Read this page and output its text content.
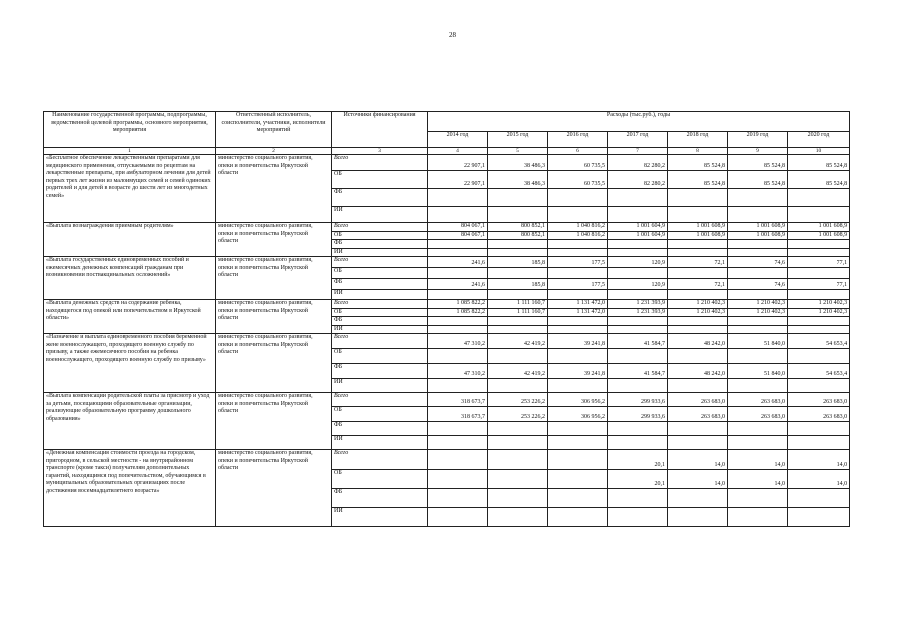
28
Наименование государственной программы, подпрограммы, ведомственной целевой программы, основного мероприятия, мероприятия	Ответственный исполнитель, соисполнители, участники, исполнители мероприятий	Источники финансирования	Расходы (тыс.руб.), годы						
			2014 год	2015 год	2016 год	2017 год	2018 год	2019 год	2020 год
1	2	3	4	5	6	7	8	9	10
«Бесплатное обеспечение лекарственными препаратами для медицинского применения, отпускаемыми по рецептам на лекарственные препараты, при амбулаторном лечении для детей первых трех лет жизни из малоимущих семей и семей одиноких родителей и для детей в возрасте до шести лет из многодетных семей»	министерство социального развития, опеки и попечительства Иркутской области	Всего	22 907,1	38 486,3	60 735,5	82 280,2	85 524,8	85 524,8	85 524,8
		ОБ	22 907,1	38 486,3	60 735,5	82 280,2	85 524,8	85 524,8	85 524,8
		ФБ							
		ИИ							
«Выплата вознаграждения приемным родителям»	министерство социального развития, опеки и попечительства Иркутской области	Всего	804 067,1	800 852,1	1 040 816,2	1 001 604,9	1 001 608,9	1 001 608,9	1 001 608,9
		ОБ	804 067,1	800 852,1	1 040 816,2	1 001 604,9	1 001 608,9	1 001 608,9	1 001 608,9
		ФБ							
		ИИ							
«Выплата государственных единовременных пособий и ежемесячных денежных компенсаций гражданам при возникновении поствакцинальных осложнений»	министерство социального развития, опеки и попечительства Иркутской области	Всего	241,6	185,8	177,5	120,9	72,1	74,6	77,1
		ОБ							
		ФБ	241,6	185,8	177,5	120,9	72,1	74,6	77,1
		ИИ							
«Выплата денежных средств на содержание ребенка, находящегося под опекой или попечительством в Иркутской области»	министерство социального развития, опеки и попечительства Иркутской области	Всего	1 085 822,2	1 111 160,7	1 131 472,0	1 231 393,9	1 210 402,3	1 210 402,3	1 210 402,3
		ОБ	1 085 822,2	1 111 160,7	1 131 472,0	1 231 393,9	1 210 402,3	1 210 402,3	1 210 402,3
		ФБ							
		ИИ							
«Назначение и выплата единовременного пособия беременной жене военнослужащего, проходящего военную службу по призыву, а также ежемесячного пособия на ребенка военнослужащего, проходящего военную службу по призыву»	министерство социального развития, опеки и попечительства Иркутской области	Всего	47 310,2	42 419,2	39 241,8	41 584,7	48 242,0	51 840,0	54 653,4
		ОБ							
		ФБ	47 310,2	42 419,2	39 241,8	41 584,7	48 242,0	51 840,0	54 653,4
		ИИ							
«Выплата компенсации родительской платы за присмотр и уход за детьми, посещающими образовательные организации, реализующие образовательную программу дошкольного образования»	министерство социального развития, опеки и попечительства Иркутской области	Всего	318 673,7	253 226,2	306 956,2	299 933,6	263 683,0	263 683,0	263 683,0
		ОБ	318 673,7	253 226,2	306 956,2	299 933,6	263 683,0	263 683,0	263 683,0
		ФБ							
		ИИ							
«Денежная компенсация стоимости проезда на городском, пригородном, в сельской местности - на внутрирайонном транспорте (кроме такси) получателям дополнительных гарантий, находящимся под попечительством, обучающимся в муниципальных образовательных организациях после достижения восемнадцатилетнего возраста»	министерство социального развития, опеки и попечительства Иркутской области	Всего				20,1	14,0	14,0	14,0
		ОБ				20,1	14,0	14,0	14,0
		ФБ							
		ИИ							
